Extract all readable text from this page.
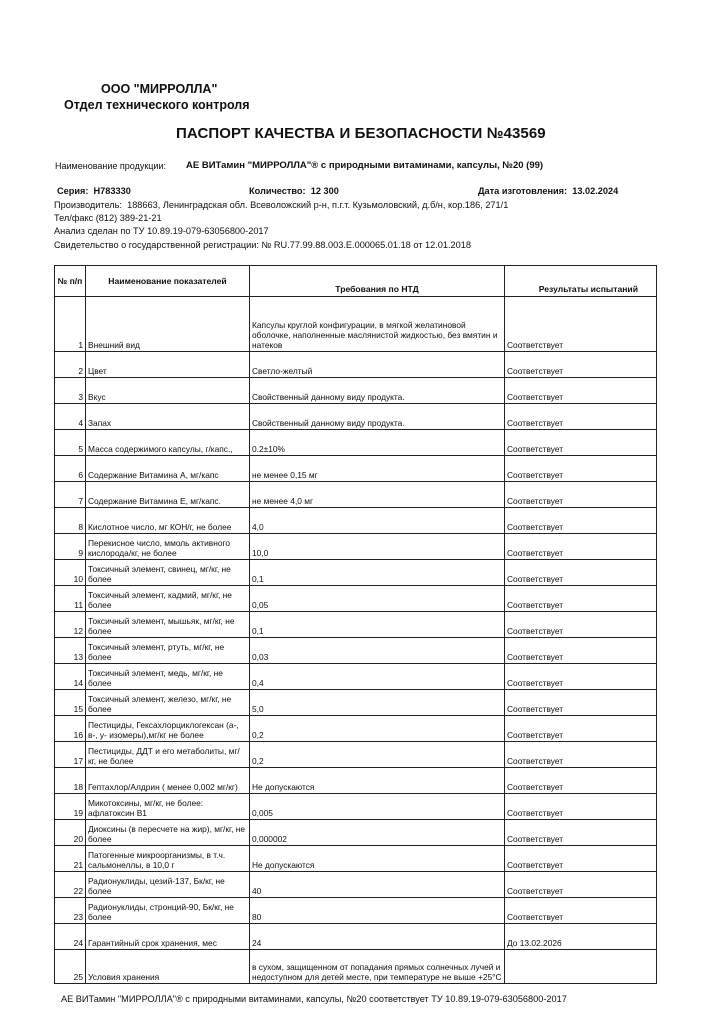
ООО "МИРРОЛЛА"
Отдел технического контроля
ПАСПОРТ КАЧЕСТВА И БЕЗОПАСНОСТИ №43569
Наименование продукции: АЕ ВИТамин "МИРРОЛЛА"® с природными витаминами, капсулы, №20 (99)
Серия: Н783330	Количество: 12 300	Дата изготовления: 13.02.2024
Производитель: 188663, Ленинградская обл. Всеволожский р-н, п.г.т. Кузьмоловский, д.б/н, кор.186, 271/1
Тел/факс (812) 389-21-21
Анализ сделан по ТУ 10.89.19-079-63056800-2017
Свидетельство о государственной регистрации: № RU.77.99.88.003.E.000065.01.18 от 12.01.2018
№ п/п	Наименование показателей	Требования по НТД	Результаты испытаний
1	Внешний вид	Капсулы круглой конфигурации, в мягкой желатиновой оболочке, наполненные маслянистой жидкостью, без вмятин и натеков	Соответствует
2	Цвет	Светло-желтый	Соответствует
3	Вкус	Свойственный данному виду продукта.	Соответствует
4	Запах	Свойственный данному виду продукта.	Соответствует
5	Масса содержимого капсулы, г/капс.,	0.2±10%	Соответствует
6	Содержание Витамина А, мг/капс	не менее 0,15 мг	Соответствует
7	Содержание Витамина Е, мг/капс.	не менее 4,0 мг	Соответствует
8	Кислотное число, мг КОН/г, не более	4,0	Соответствует
9	Перекисное число, ммоль активного кислорода/кг, не более	10,0	Соответствует
10	Токсичный элемент, свинец, мг/кг, не более	0,1	Соответствует
11	Токсичный элемент, кадмий, мг/кг, не более	0,05	Соответствует
12	Токсичный элемент, мышьяк, мг/кг, не более	0,1	Соответствует
13	Токсичный элемент, ртуть, мг/кг, не более	0,03	Соответствует
14	Токсичный элемент, медь, мг/кг, не более	0,4	Соответствует
15	Токсичный элемент, железо, мг/кг, не более	5,0	Соответствует
16	Пестициды, Гексахлорциклогексан (а-, в-, у- изомеры),мг/кг не более	0,2	Соответствует
17	Пестициды, ДДТ и его метаболиты, мг/кг, не более	0,2	Соответствует
18	Гептахлор/Алдрин ( менее 0,002 мг/кг)	Не допускаются	Соответствует
19	Микотоксины, мг/кг, не более: афлатоксин В1	0,005	Соответствует
20	Диоксины (в пересчете на жир), мг/кг, не более	0,000002	Соответствует
21	Патогенные микроорганизмы, в т.ч. сальмонеллы, в 10,0 г	Не допускаются	Соответствует
22	Радионуклиды, цезий-137, Бк/кг, не более	40	Соответствует
23	Радионуклиды, стронций-90, Бк/кг, не более	80	Соответствует
24	Гарантийный срок хранения, мес	24	До 13.02.2026
25	Условия хранения	в сухом, защищенном от попадания прямых солнечных лучей и недоступном для детей месте, при температуре не выше +25°С	
АЕ ВИТамин "МИРРОЛЛА"® с природными витаминами, капсулы, №20 соответствует ТУ 10.89.19-079-63056800-2017
